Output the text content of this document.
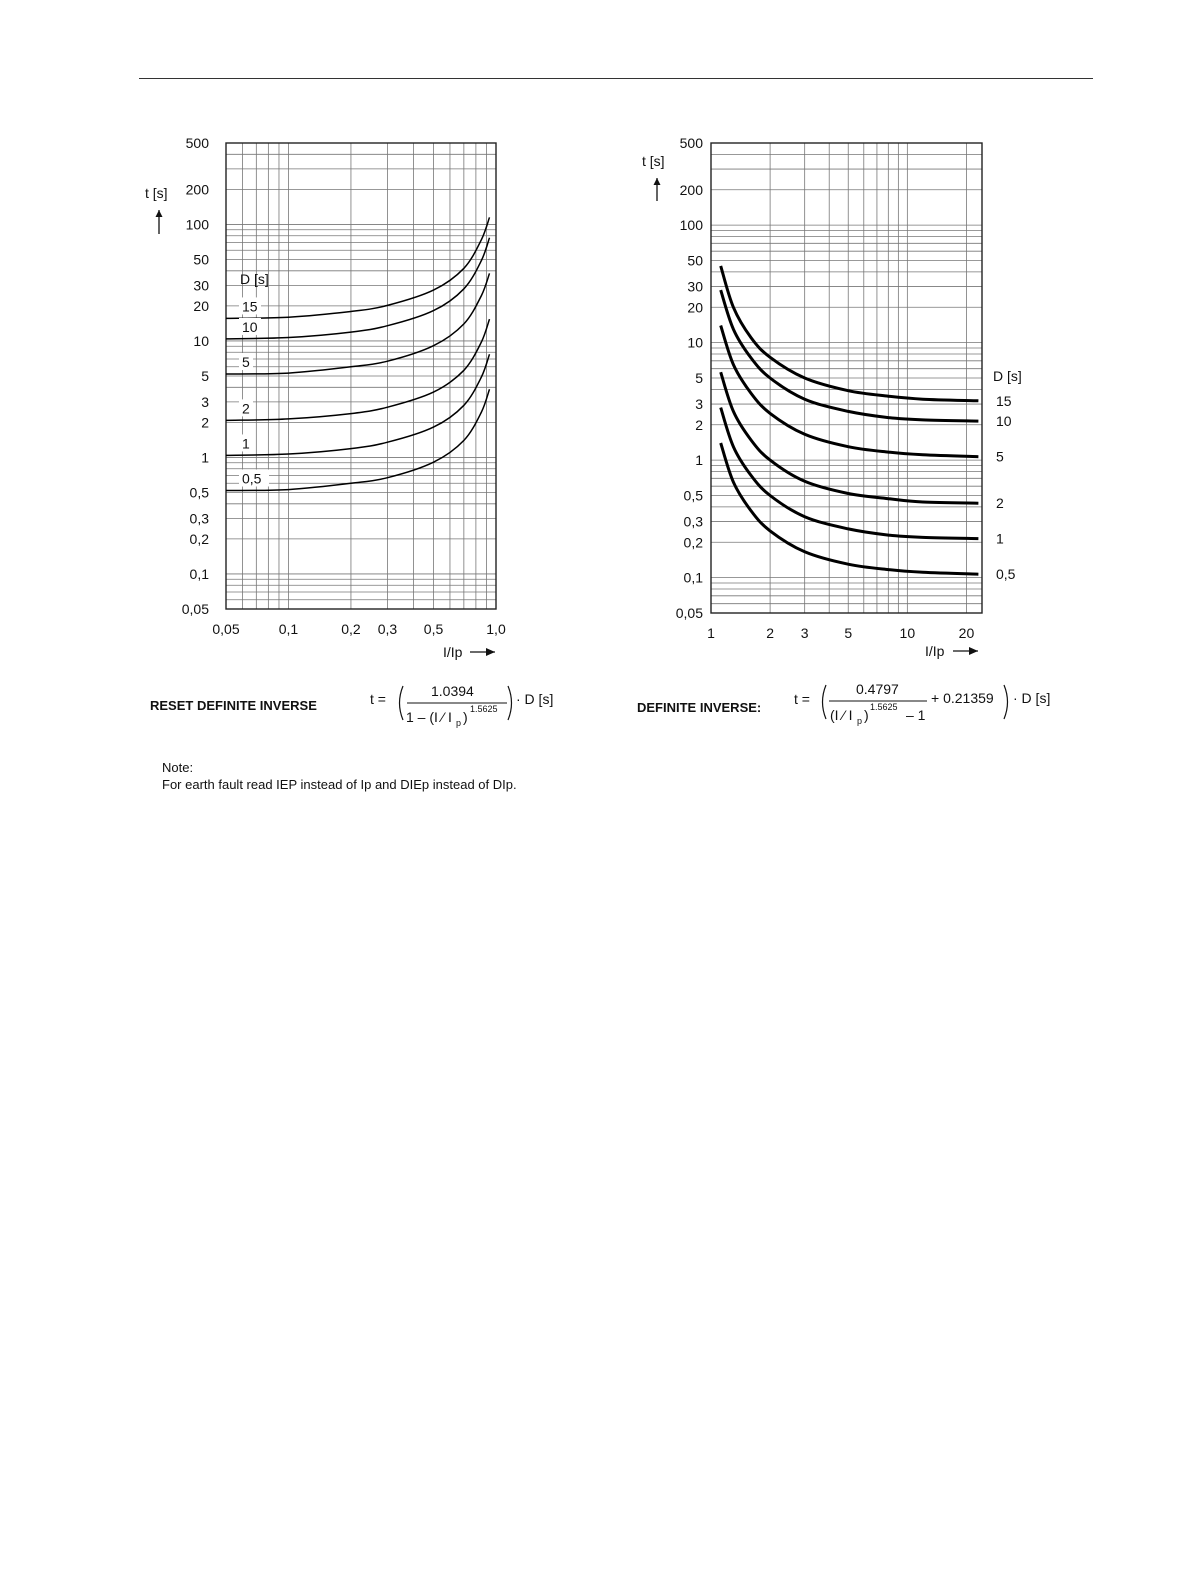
500
200
100
50
30
20
10
5
3
2
1
0,5
0,3
0,2
0,1
0,05
0,05	0,1	0,2 0,3 0,5	1,0
t [s]
I/Ip
D [s]
15
10
5
2
1
0,5
500
200
100
50
30
20
10
5
3
2
1
0,5
0,3
0,2
0,1
0,05
1	2 3	5	10	20
t [s]
I/Ip
D [s]
15
10
5
2
1
0,5
RESET DEFINITE INVERSE	DEFINITE INVERSE:
t =	1.0394
1 – (I ⁄ I p ) 1.5625
· D [s]	t =
0.4797
(I ⁄ I p ) 1.5625 – 1
+ 0.21359 · D [s]
Note:
For earth fault read IEP instead of Ip and DIEp instead of DIp.
